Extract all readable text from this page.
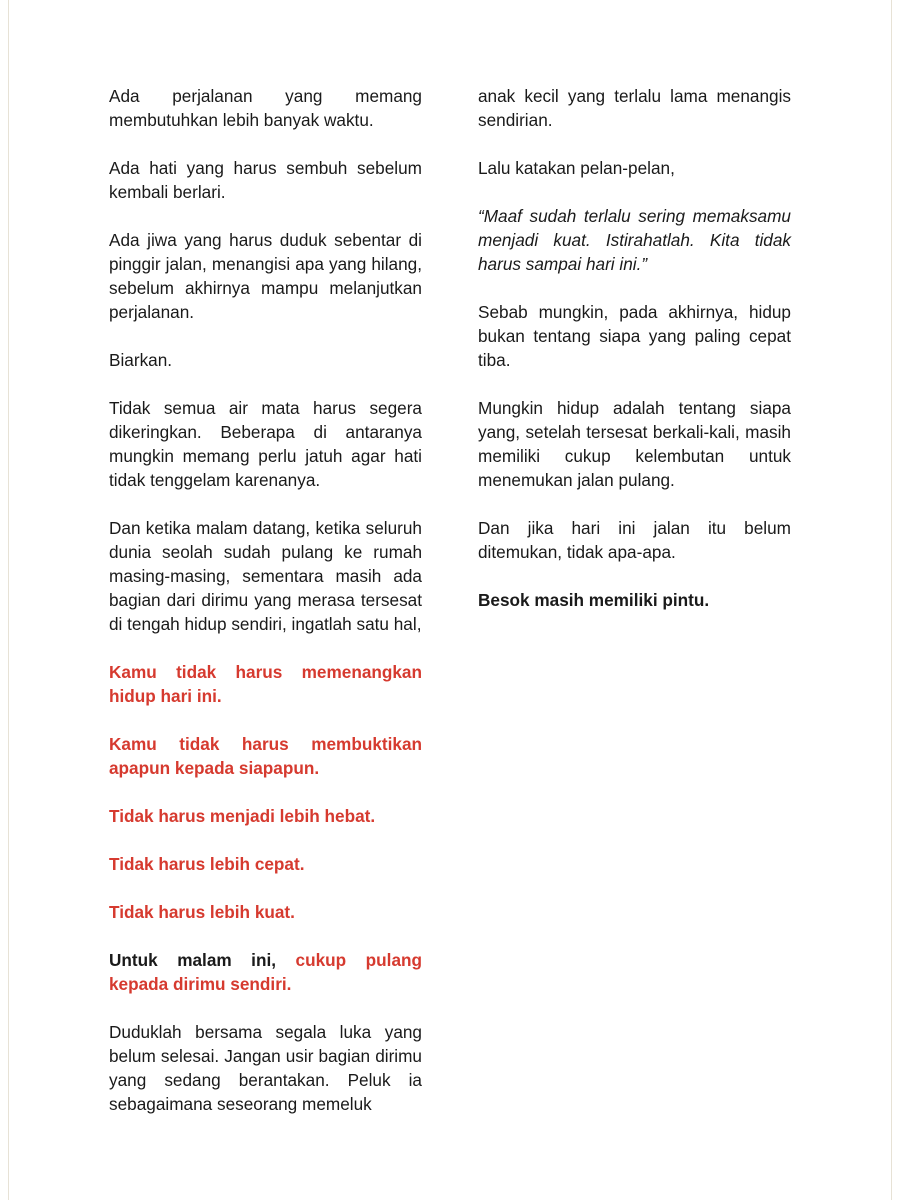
Ada perjalanan yang memang membutuhkan lebih banyak waktu.

Ada hati yang harus sembuh sebelum kembali berlari.

Ada jiwa yang harus duduk sebentar di pinggir jalan, menangisi apa yang hilang, sebelum akhirnya mampu melanjutkan perjalanan.

Biarkan.

Tidak semua air mata harus segera dikeringkan. Beberapa di antaranya mungkin memang perlu jatuh agar hati tidak tenggelam karenanya.

Dan ketika malam datang, ketika seluruh dunia seolah sudah pulang ke rumah masing-masing, sementara masih ada bagian dari dirimu yang merasa tersesat di tengah hidup sendiri, ingatlah satu hal,

Kamu tidak harus memenangkan hidup hari ini.

Kamu tidak harus membuktikan apapun kepada siapapun.

Tidak harus menjadi lebih hebat.

Tidak harus lebih cepat.

Tidak harus lebih kuat.

Untuk malam ini, cukup pulang kepada dirimu sendiri.

Duduklah bersama segala luka yang belum selesai. Jangan usir bagian dirimu yang sedang berantakan. Peluk ia sebagaimana seseorang memeluk

anak kecil yang terlalu lama menangis sendirian.

Lalu katakan pelan-pelan,

“Maaf sudah terlalu sering memaksamu menjadi kuat. Istirahatlah. Kita tidak harus sampai hari ini.”

Sebab mungkin, pada akhirnya, hidup bukan tentang siapa yang paling cepat tiba.

Mungkin hidup adalah tentang siapa yang, setelah tersesat berkali-kali, masih memiliki cukup kelembutan untuk menemukan jalan pulang.

Dan jika hari ini jalan itu belum ditemukan, tidak apa-apa.

Besok masih memiliki pintu.
